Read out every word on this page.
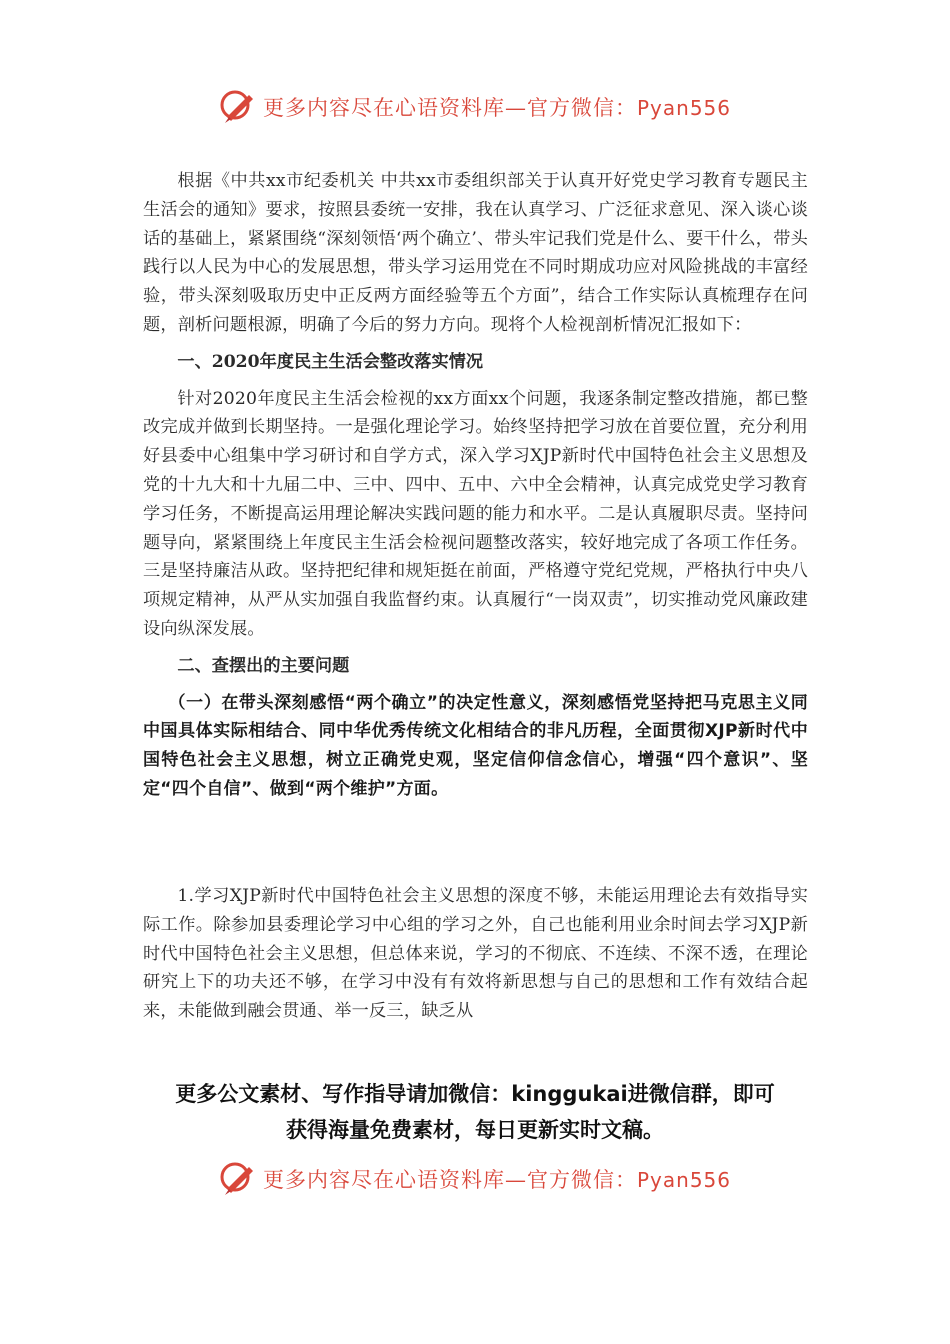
更多内容尽在心语资料库—官方微信：Pyan556

根据《中共xx市纪委机关 中共xx市委组织部关于认真开好党史学习教育专题民主生活会的通知》要求，按照县委统一安排，我在认真学习、广泛征求意见、深入谈心谈话的基础上，紧紧围绕“深刻领悟‘两个确立’、带头牢记我们党是什么、要干什么，带头践行以人民为中心的发展思想，带头学习运用党在不同时期成功应对风险挑战的丰富经验，带头深刻吸取历史中正反两方面经验等五个方面”，结合工作实际认真梳理存在问题，剖析问题根源，明确了今后的努力方向。现将个人检视剖析情况汇报如下：

一、2020年度民主生活会整改落实情况

针对2020年度民主生活会检视的xx方面xx个问题，我逐条制定整改措施，都已整改完成并做到长期坚持。一是强化理论学习。始终坚持把学习放在首要位置，充分利用好县委中心组集中学习研讨和自学方式，深入学习XJP新时代中国特色社会主义思想及党的十九大和十九届二中、三中、四中、五中、六中全会精神，认真完成党史学习教育学习任务，不断提高运用理论解决实践问题的能力和水平。二是认真履职尽责。坚持问题导向，紧紧围绕上年度民主生活会检视问题整改落实，较好地完成了各项工作任务。三是坚持廉洁从政。坚持把纪律和规矩挺在前面，严格遵守党纪党规，严格执行中央八项规定精神，从严从实加强自我监督约束。认真履行“一岗双责”，切实推动党风廉政建设向纵深发展。

二、查摆出的主要问题

（一）在带头深刻感悟“两个确立”的决定性意义，深刻感悟党坚持把马克思主义同中国具体实际相结合、同中华优秀传统文化相结合的非凡历程，全面贯彻XJP新时代中国特色社会主义思想，树立正确党史观，坚定信仰信念信心，增强“四个意识”、坚定“四个自信”、做到“两个维护”方面。

1.学习XJP新时代中国特色社会主义思想的深度不够，未能运用理论去有效指导实际工作。除参加县委理论学习中心组的学习之外，自己也能利用业余时间去学习XJP新时代中国特色社会主义思想，但总体来说，学习的不彻底、不连续、不深不透，在理论研究上下的功夫还不够，在学习中没有有效将新思想与自己的思想和工作有效结合起来，未能做到融会贯通、举一反三，缺乏从

更多公文素材、写作指导请加微信：kinggukai进微信群，即可
获得海量免费素材，每日更新实时文稿。
更多内容尽在心语资料库—官方微信：Pyan556
